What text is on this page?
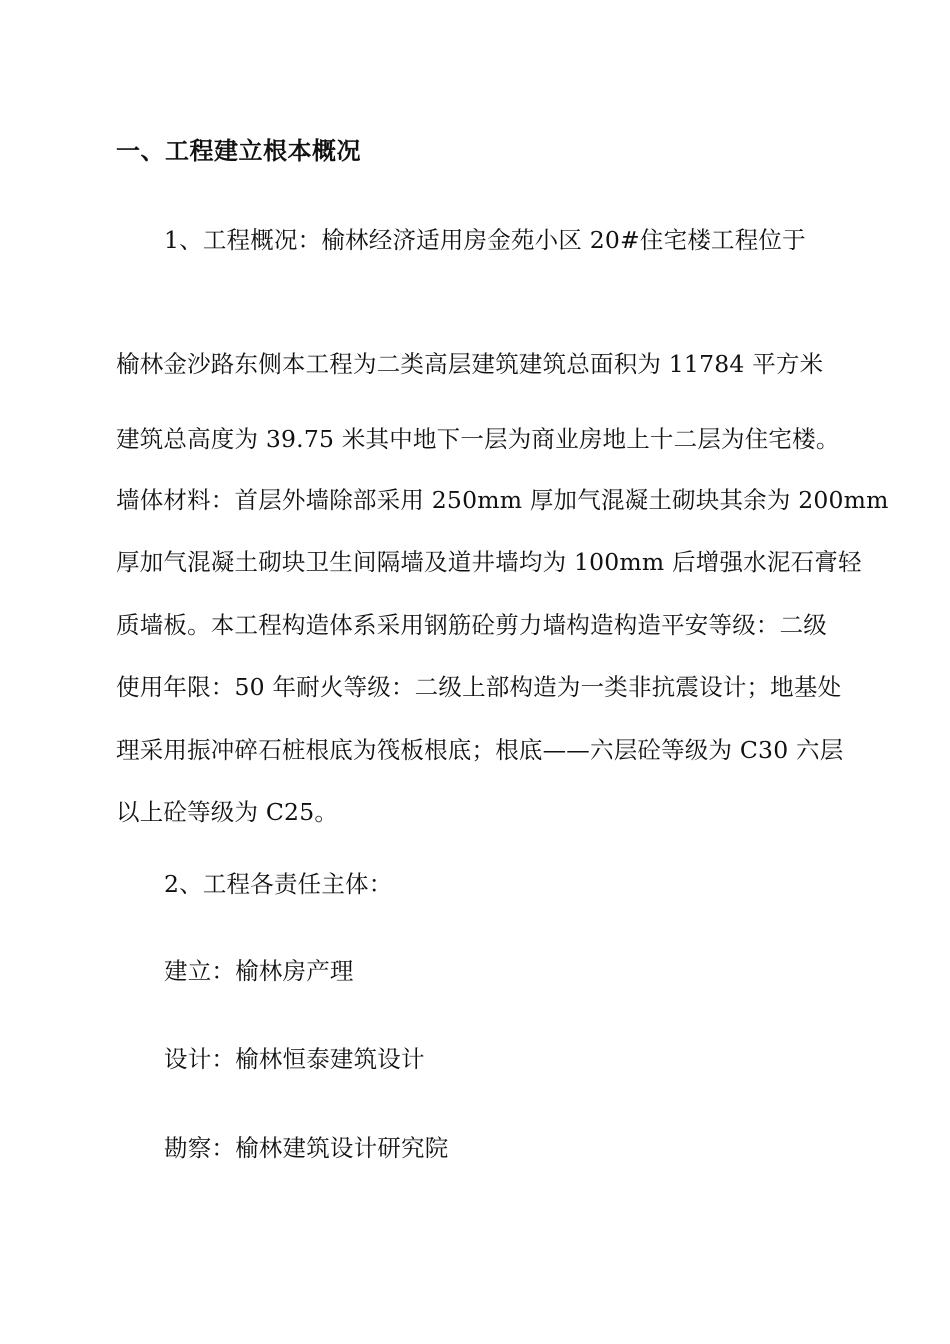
一、工程建立根本概况
1、工程概况：榆林经济适用房金苑小区 20#住宅楼工程位于
榆林金沙路东侧本工程为二类高层建筑建筑总面积为 11784 平方米
建筑总高度为 39.75 米其中地下一层为商业房地上十二层为住宅楼。
墙体材料：首层外墙除部采用 250mm 厚加气混凝土砌块其余为 200mm
厚加气混凝土砌块卫生间隔墙及道井墙均为 100mm 后增强水泥石膏轻
质墙板。本工程构造体系采用钢筋砼剪力墙构造构造平安等级：二级
使用年限：50 年耐火等级：二级上部构造为一类非抗震设计；地基处
理采用振冲碎石桩根底为筏板根底；根底——六层砼等级为 C30 六层
以上砼等级为 C25。
2、工程各责任主体：
建立：榆林房产理
设计：榆林恒泰建筑设计
勘察：榆林建筑设计研究院
